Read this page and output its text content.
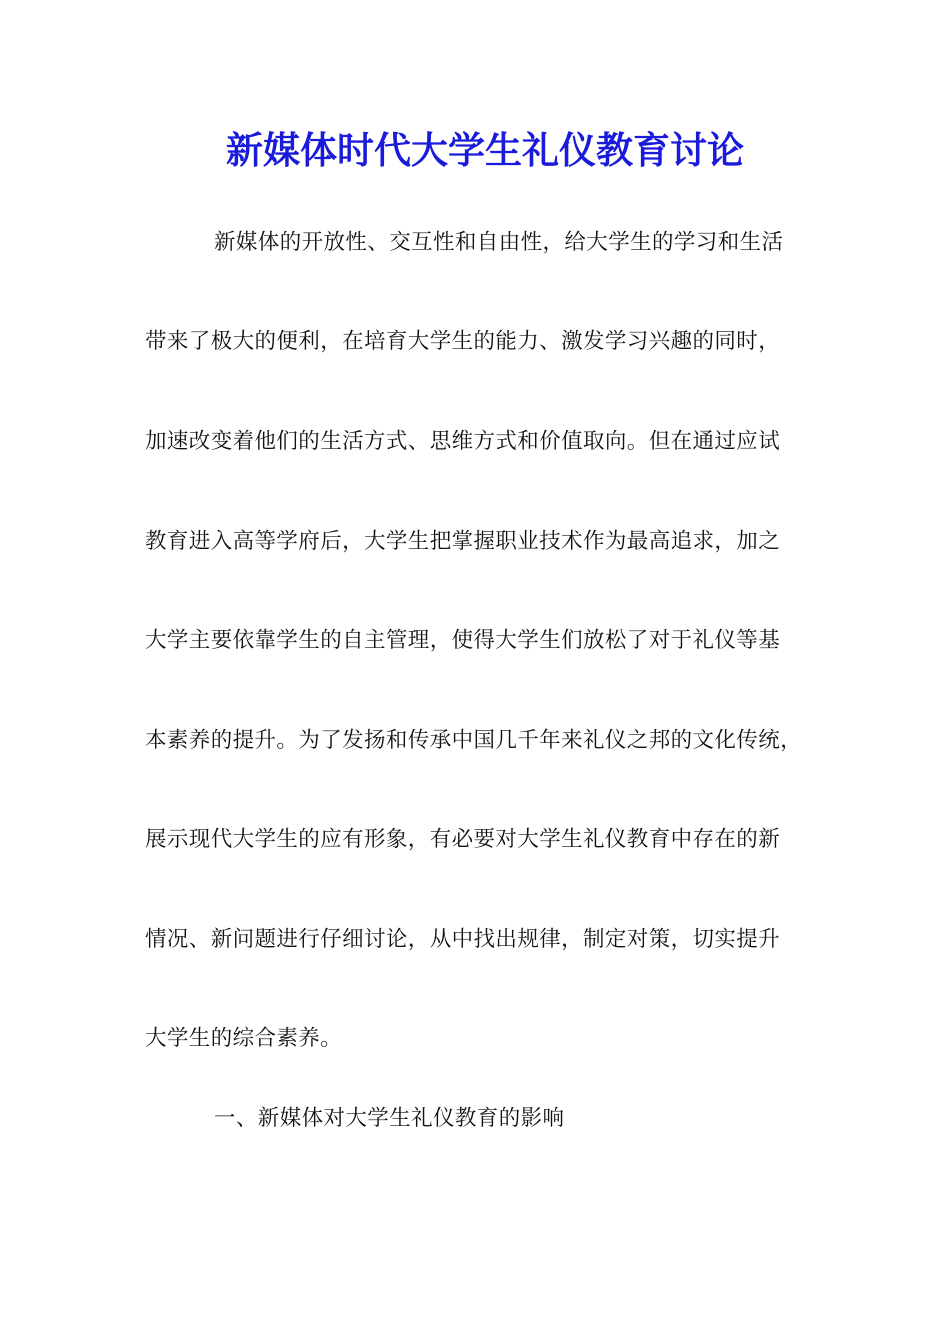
新媒体时代大学生礼仪教育讨论
新媒体的开放性、交互性和自由性，给大学生的学习和生活
带来了极大的便利，在培育大学生的能力、激发学习兴趣的同时，
加速改变着他们的生活方式、思维方式和价值取向。但在通过应试
教育进入高等学府后，大学生把掌握职业技术作为最高追求，加之
大学主要依靠学生的自主管理，使得大学生们放松了对于礼仪等基
本素养的提升。为了发扬和传承中国几千年来礼仪之邦的文化传统，
展示现代大学生的应有形象，有必要对大学生礼仪教育中存在的新
情况、新问题进行仔细讨论，从中找出规律，制定对策，切实提升
大学生的综合素养。
一、新媒体对大学生礼仪教育的影响
